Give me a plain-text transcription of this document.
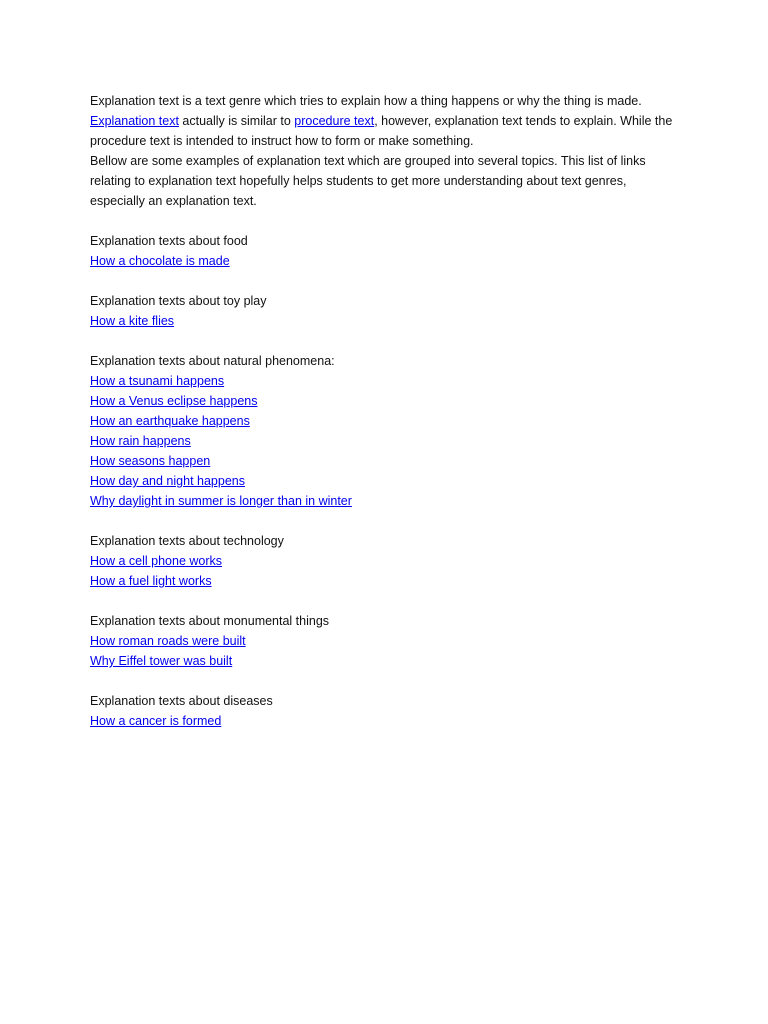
Explanation text is a text genre which tries to explain how a thing happens or why the thing is made.

Explanation text actually is similar to procedure text, however, explanation text tends to explain. While the procedure text is intended to instruct how to form or make something.

Bellow are some examples of explanation text which are grouped into several topics. This list of links relating to explanation text hopefully helps students to get more understanding about text genres, especially an explanation text.

Explanation texts about food
How a chocolate is made
Explanation texts about toy play
How a kite flies
Explanation texts about natural phenomena:
How a tsunami happens
How a Venus eclipse happens
How an earthquake happens
How rain happens
How seasons happen
How day and night happens
Why daylight in summer is longer than in winter
Explanation texts about technology
How a cell phone works
How a fuel light works
Explanation texts about monumental things
How roman roads were built
Why Eiffel tower was built
Explanation texts about diseases
How a cancer is formed
